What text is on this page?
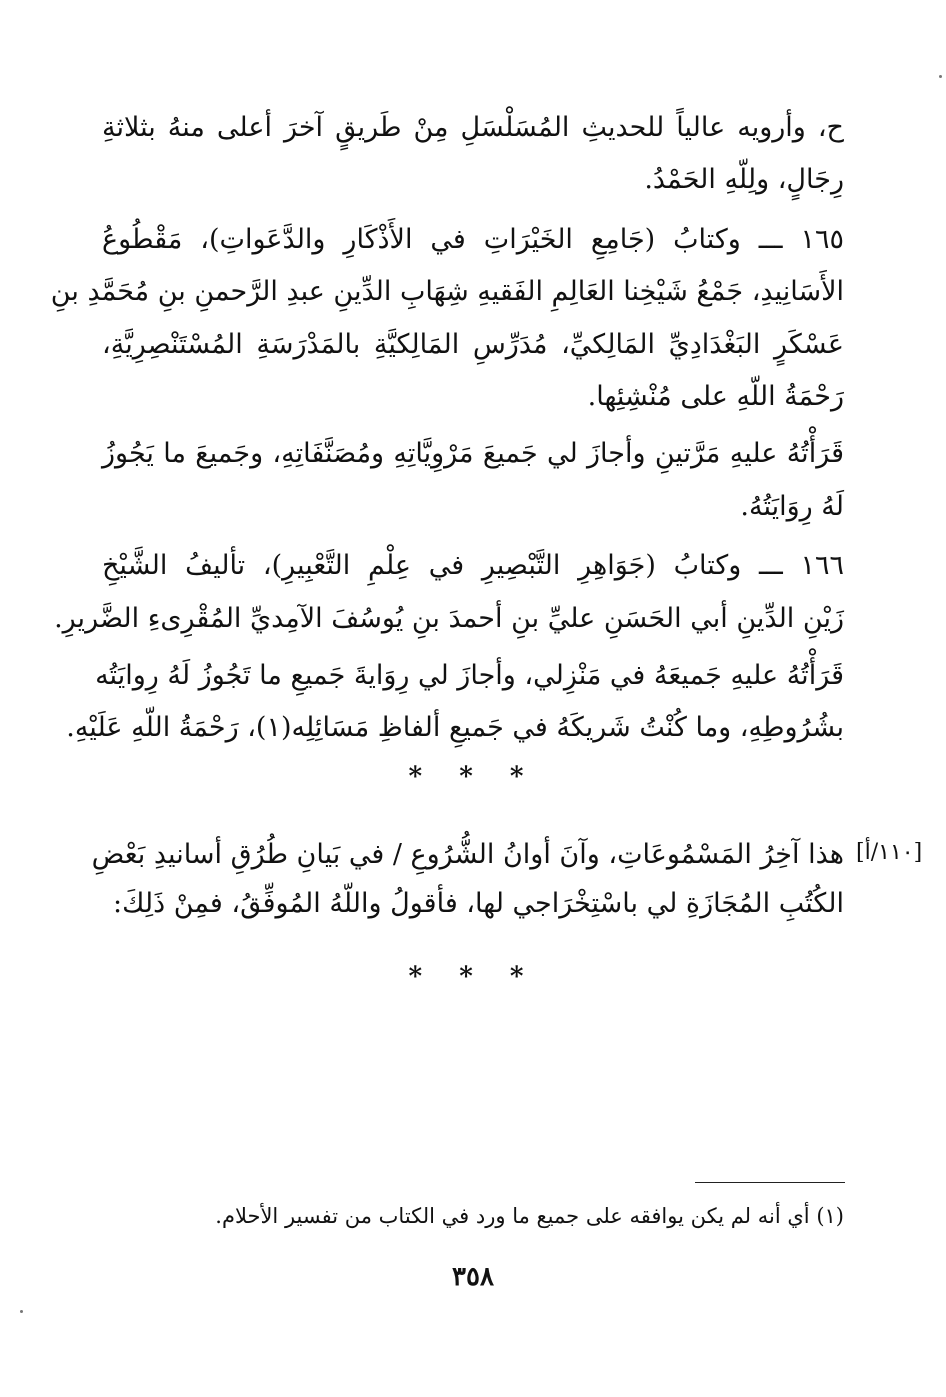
ح، وأرويه عالياً للحديثِ المُسَلْسَلِ مِنْ طَريقٍ آخرَ أعلى منهُ بثلاثةِ
رِجَالٍ، ولِلّهِ الحَمْدُ.
١٦٥ ـــ وكتابُ (جَامِعِ الخَيْرَاتِ في الأَذْكَارِ والدَّعَواتِ)، مَقْطُوعُ
الأَسَانِيدِ، جَمْعُ شَيْخِنا العَالِمِ الفَقيهِ شِهَابِ الدِّينِ عبدِ الرَّحمنِ بنِ مُحَمَّدِ بنِ
عَسْكَرٍ البَغْدَادِيِّ المَالِكيِّ، مُدَرِّسِ المَالِكيَّةِ بالمَدْرَسَةِ المُسْتَنْصِرِيَّةِ،
رَحْمَةُ اللّهِ على مُنْشِئِها.
قَرَأْتُهُ عليهِ مَرَّتينِ وأجازَ لي جَميعَ مَرْوِيَّاتِهِ ومُصَنَّفَاتِهِ، وجَميعَ ما يَجُوزُ
لَهُ رِوَايَتُهُ.
١٦٦ ـــ وكتابُ (جَوَاهِرِ التَّبْصِيرِ في عِلْمِ التَّعْبِيرِ)، تأليفُ الشَّيْخِ
زَيْنِ الدِّينِ أبي الحَسَنِ عليِّ بنِ أحمدَ بنِ يُوسُفَ الآمِديِّ المُقْرِىءِ الضَّريرِ.
قَرَأْتُهُ عليهِ جَميعَهُ في مَنْزِلي، وأجازَ لي رِوَايةَ جَميعِ ما تَجُوزُ لَهُ رِوايَتُه
بشُرُوطِهِ، وما كُنْتُ شَريكَهُ في جَميعِ ألفاظِ مَسَائِلِه(١)، رَحْمَةُ اللّهِ عَلَيْهِ.
* * *
[١١٠/أ]
هذا آخِرُ المَسْمُوعَاتِ، وآنَ أوانُ الشُّرُوعِ / في بَيانِ طُرُقِ أسانيدِ بَعْضِ
الكُتُبِ المُجَازَةِ لي باسْتِخْرَاجي لها، فأقولُ واللّهُ المُوفِّقُ، فمِنْ ذَلِكَ:
* * *
(١) أي أنه لم يكن يوافقه على جميع ما ورد في الكتاب من تفسير الأحلام.
٣٥٨
